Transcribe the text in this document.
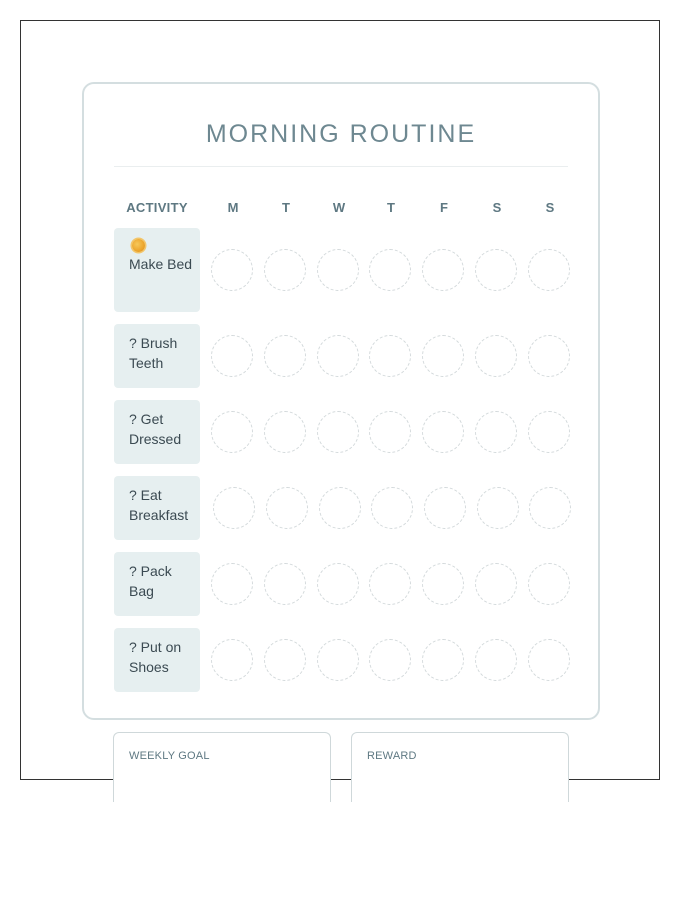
MORNING ROUTINE
ACTIVITY	M	T	W	T	F	S	S
Make Bed
? Brush Teeth
? Get Dressed
? Eat Breakfast
? Pack Bag
? Put on Shoes
WEEKLY GOAL	REWARD
